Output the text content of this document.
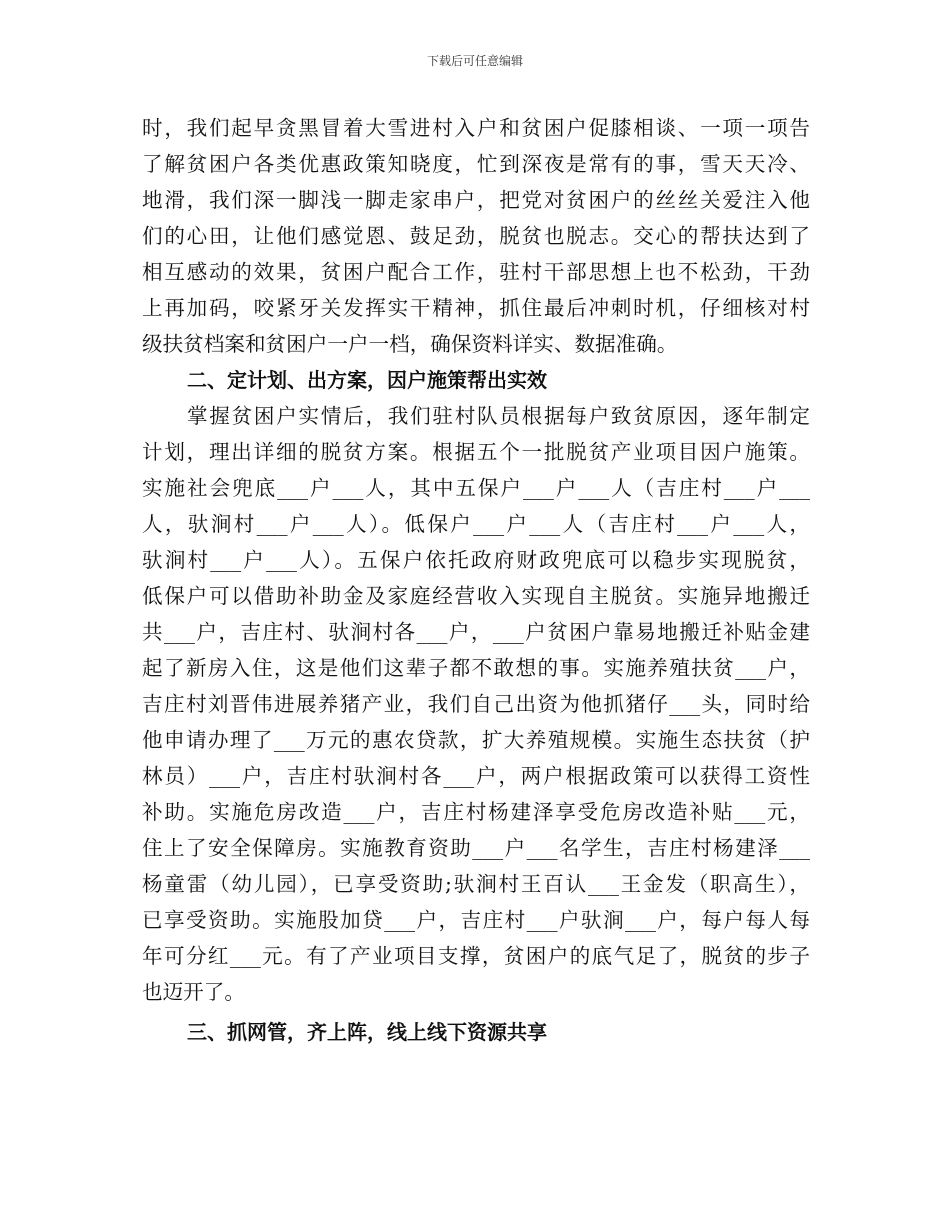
下载后可任意编辑
时，我们起早贪黑冒着大雪进村入户和贫困户促膝相谈、一项一项告
了解贫困户各类优惠政策知晓度，忙到深夜是常有的事，雪天天冷、
地滑，我们深一脚浅一脚走家串户，把党对贫困户的丝丝关爱注入他
们的心田，让他们感觉恩、鼓足劲，脱贫也脱志。交心的帮扶达到了
相互感动的效果，贫困户配合工作，驻村干部思想上也不松劲，干劲
上再加码，咬紧牙关发挥实干精神，抓住最后冲刺时机，仔细核对村
级扶贫档案和贫困户一户一档，确保资料详实、数据准确。
二、定计划、出方案，因户施策帮出实效
掌握贫困户实情后，我们驻村队员根据每户致贫原因，逐年制定
计划，理出详细的脱贫方案。根据五个一批脱贫产业项目因户施策。
实施社会兜底___户___人，其中五保户___户___人（吉庄村___户___
人，驮涧村___户___人）。低保户___户___人（吉庄村___户___人，
驮涧村___户___人）。五保户依托政府财政兜底可以稳步实现脱贫，
低保户可以借助补助金及家庭经营收入实现自主脱贫。实施异地搬迁
共___户，吉庄村、驮涧村各___户，___户贫困户靠易地搬迁补贴金建
起了新房入住，这是他们这辈子都不敢想的事。实施养殖扶贫___户，
吉庄村刘晋伟进展养猪产业，我们自己出资为他抓猪仔___头，同时给
他申请办理了___万元的惠农贷款，扩大养殖规模。实施生态扶贫（护
林员）___户，吉庄村驮涧村各___户，两户根据政策可以获得工资性
补助。实施危房改造___户，吉庄村杨建泽享受危房改造补贴___元，
住上了安全保障房。实施教育资助___户___名学生，吉庄村杨建泽___
杨童雷（幼儿园），已享受资助;驮涧村王百认___王金发（职高生），
已享受资助。实施股加贷___户，吉庄村___户驮涧___户，每户每人每
年可分红___元。有了产业项目支撑，贫困户的底气足了，脱贫的步子
也迈开了。
三、抓网管，齐上阵，线上线下资源共享
